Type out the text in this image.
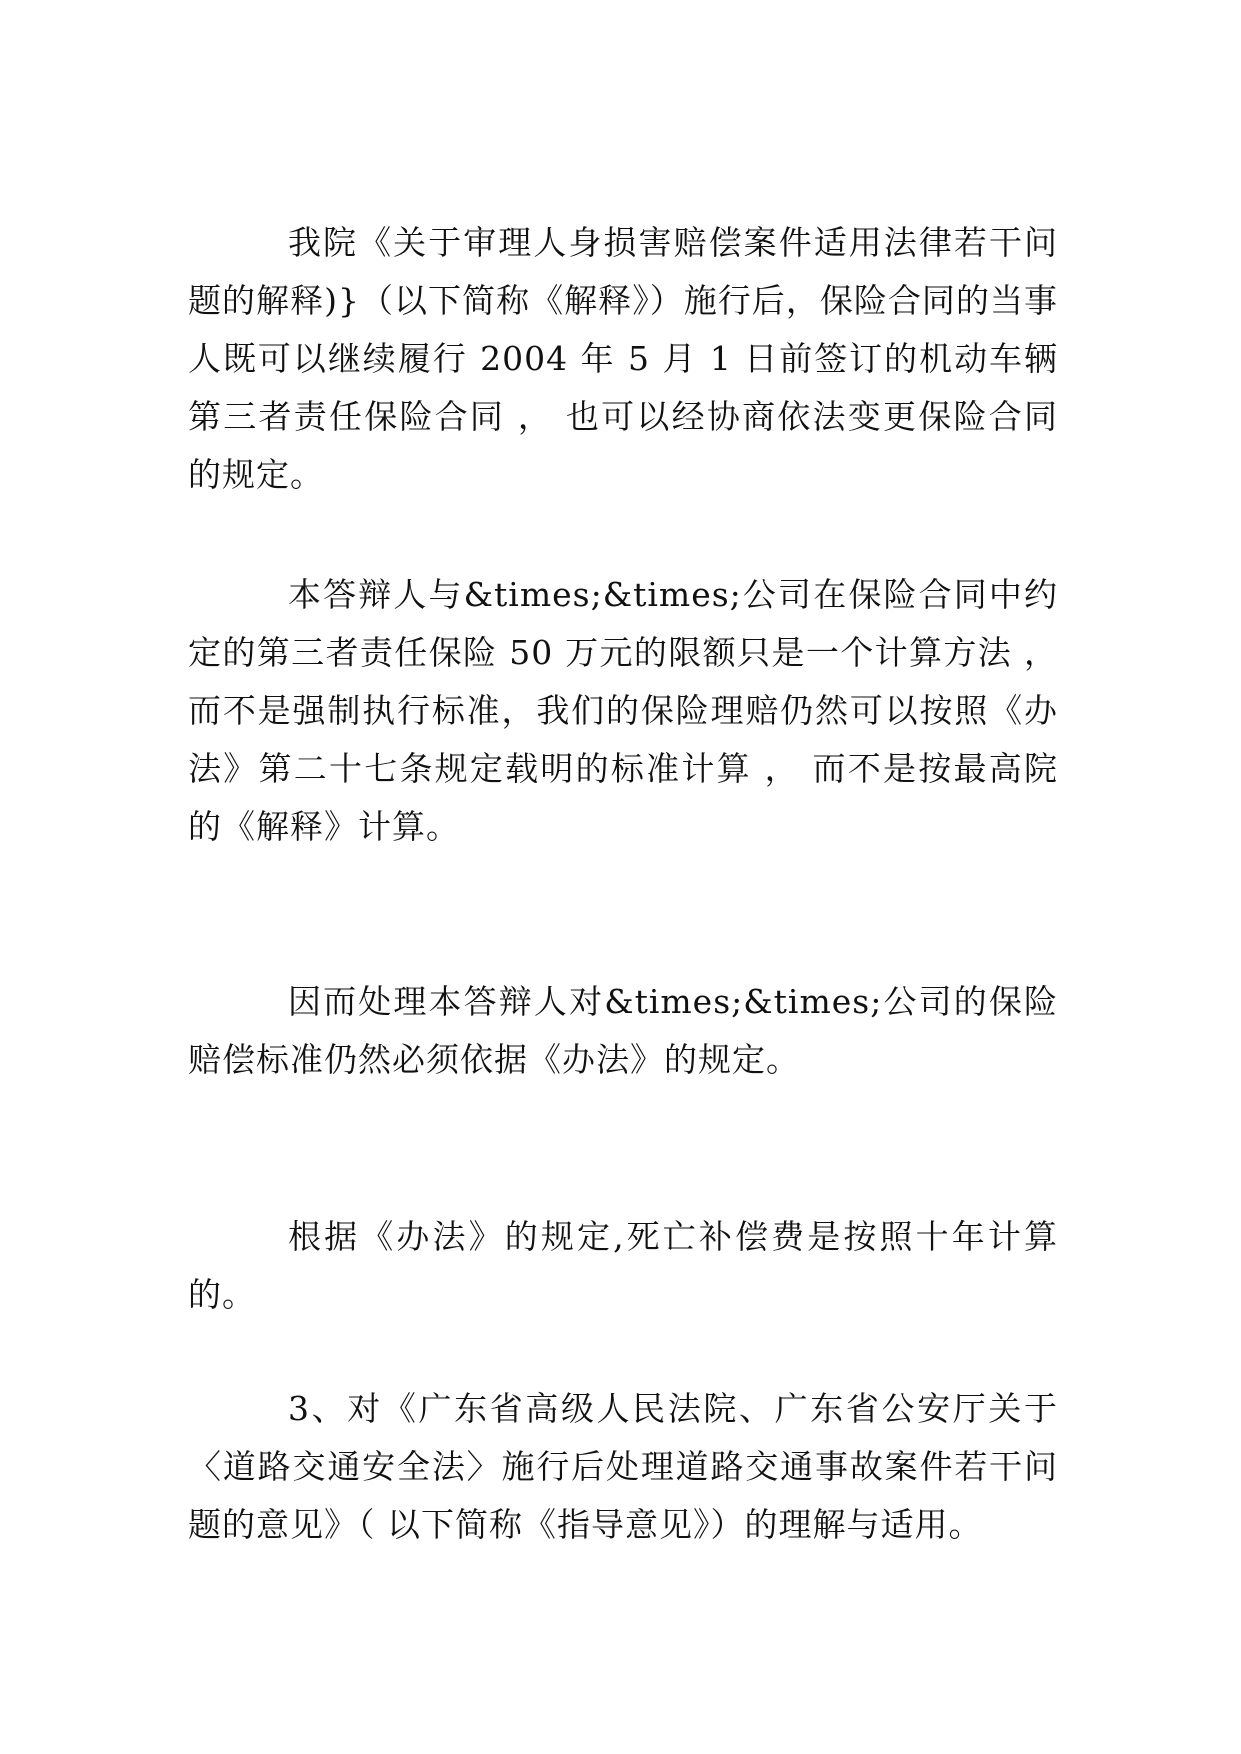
我院《关于审理人身损害赔偿案件适用法律若干问题的解释)}（以下简称《解释》）施行后，保险合同的当事人既可以继续履行 2004 年 5 月 1 日前签订的机动车辆第三者责任保险合同 ， 也可以经协商依法变更保险合同的规定。

本答辩人与&times;&times;公司在保险合同中约定的第三者责任保险 50 万元的限额只是一个计算方法 ， 而不是强制执行标准，我们的保险理赔仍然可以按照《办法》第二十七条规定载明的标准计算 ， 而不是按最高院的《解释》计算。

因而处理本答辩人对&times;&times;公司的保险赔偿标准仍然必须依据《办法》的规定。

根据《办法》的规定,死亡补偿费是按照十年计算的。

3、对《广东省高级人民法院、广东省公安厅关于〈道路交通安全法〉施行后处理道路交通事故案件若干问题的意见》（ 以下简称《指导意见》）的理解与适用。
